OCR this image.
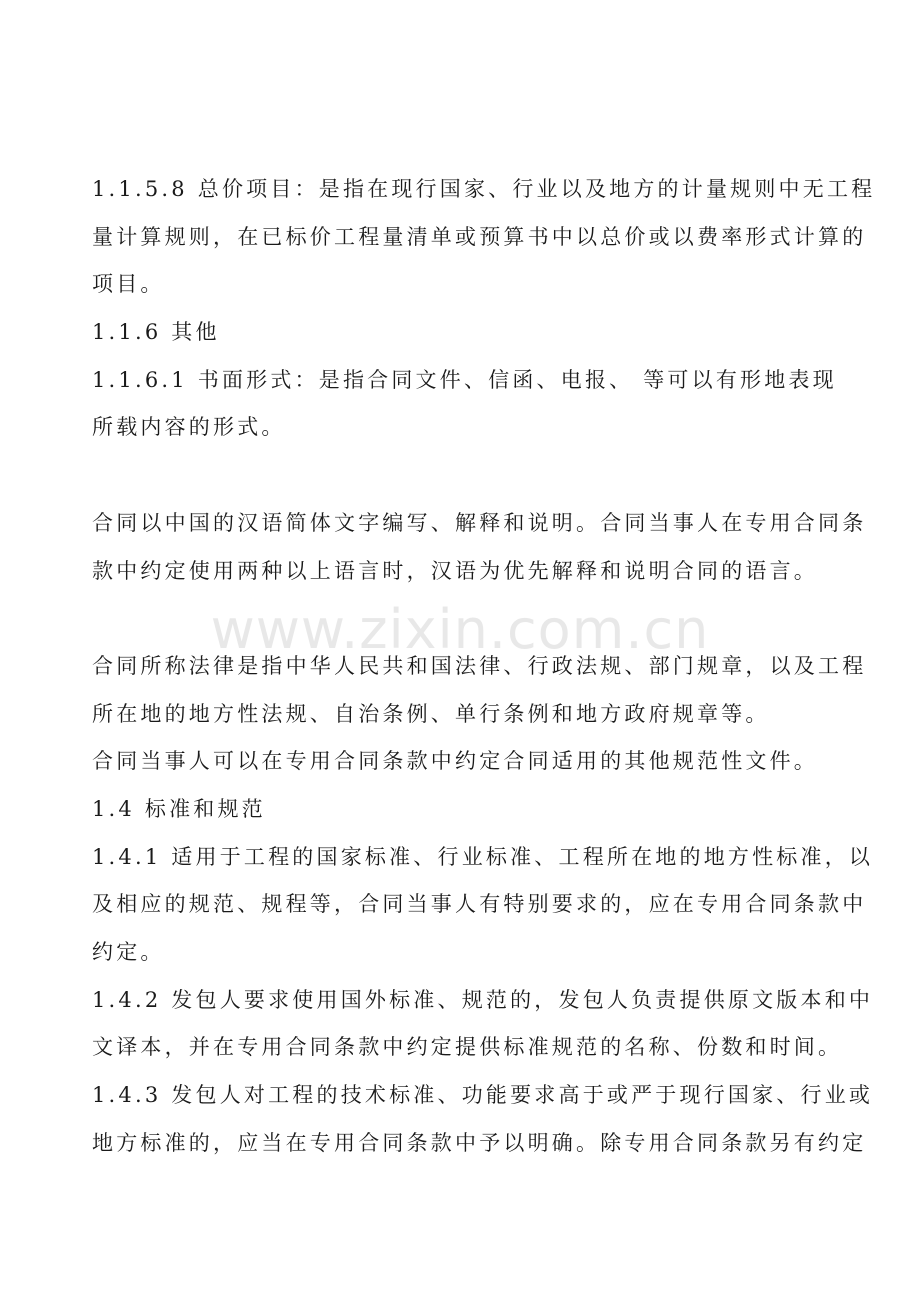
1.1.5.8 总价项目：是指在现行国家、行业以及地方的计量规则中无工程
量计算规则，在已标价工程量清单或预算书中以总价或以费率形式计算的
项目。
1.1.6 其他
1.1.6.1 书面形式：是指合同文件、信函、电报、 等可以有形地表现
所载内容的形式。
合同以中国的汉语简体文字编写、解释和说明。合同当事人在专用合同条
款中约定使用两种以上语言时，汉语为优先解释和说明合同的语言。
合同所称法律是指中华人民共和国法律、行政法规、部门规章，以及工程
所在地的地方性法规、自治条例、单行条例和地方政府规章等。
合同当事人可以在专用合同条款中约定合同适用的其他规范性文件。
1.4 标准和规范
1.4.1 适用于工程的国家标准、行业标准、工程所在地的地方性标准，以
及相应的规范、规程等，合同当事人有特别要求的，应在专用合同条款中
约定。
1.4.2 发包人要求使用国外标准、规范的，发包人负责提供原文版本和中
文译本，并在专用合同条款中约定提供标准规范的名称、份数和时间。
1.4.3 发包人对工程的技术标准、功能要求高于或严于现行国家、行业或
地方标准的，应当在专用合同条款中予以明确。除专用合同条款另有约定
www.zixin.com.cn
